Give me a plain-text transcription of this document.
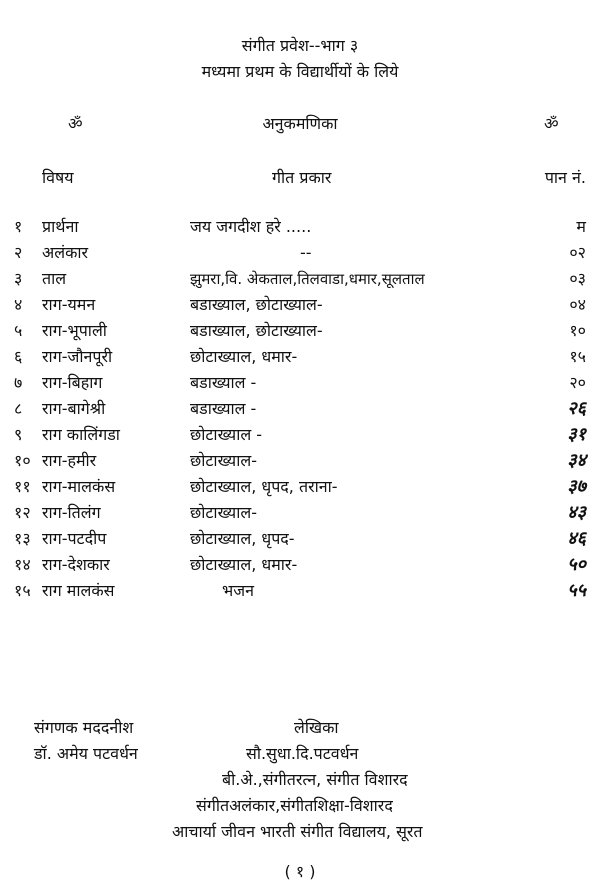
संगीत प्रवेश--भाग ३
मध्यमा प्रथम के विद्यार्थीयों के लिये
ॐ	अनुकमणिका	ॐ
विषय	गीत प्रकार	पान नं.
१ प्रार्थना	जय जगदीश हरे .....	म
२ अलंकार	--	०२
३ ताल	झुमरा,वि. अेकताल,तिलवाडा,धमार,सूलताल	०३
४ राग-यमन	बडाख्याल, छोटाख्याल-	०४
५ राग-भूपाली	बडाख्याल, छोटाख्याल-	१०
६ राग-जौनपूरी	छोटाख्याल, धमार-	१५
७ राग-बिहाग	बडाख्याल -	२०
८ राग-बागेश्री	बडाख्याल -	२६
९ राग कालिंगडा	छोटाख्याल -	३१
१० राग-हमीर	छोटाख्याल-	३४
११ राग-मालकंस	छोटाख्याल, धृपद, तराना-	३७
१२ राग-तिलंग	छोटाख्याल-	४३
१३ राग-पटदीप	छोटाख्याल, धृपद-	४६
१४ राग-देशकार	छोटाख्याल, धमार-	५०
१५ राग मालकंस	भजन	५५
संगणक मददनीश
डॉ. अमेय पटवर्धन
लेखिका
सौ.सुधा.दि.पटवर्धन
बी.अे.,संगीतरत्न, संगीत विशारद
संगीतअलंकार,संगीतशिक्षा-विशारद
आचार्या जीवन भारती संगीत विद्यालय, सूरत
( १ )
